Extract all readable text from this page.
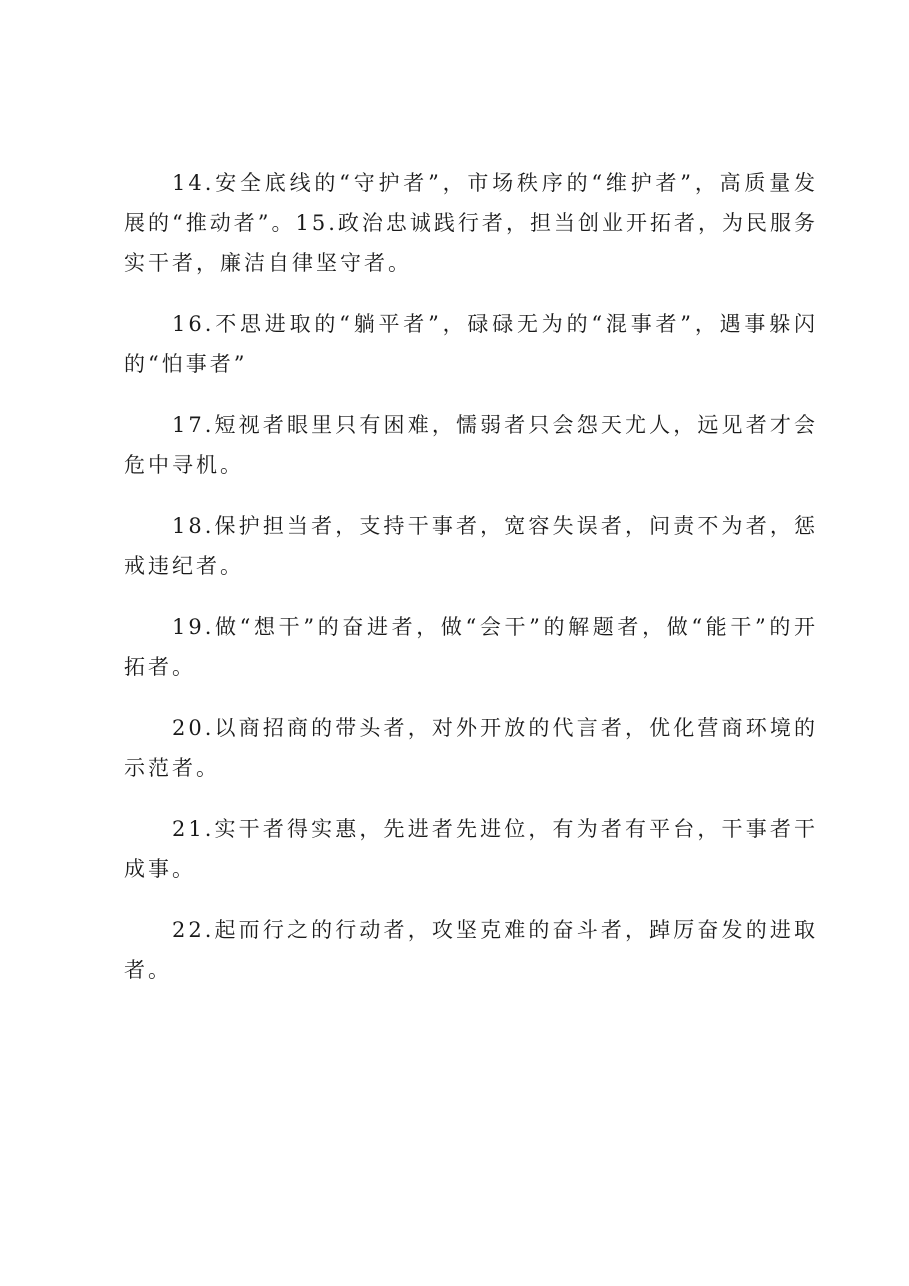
14.安全底线的“守护者”，市场秩序的“维护者”，高质量发展的“推动者”。15.政治忠诚践行者，担当创业开拓者，为民服务实干者，廉洁自律坚守者。

16.不思进取的“躺平者”，碌碌无为的“混事者”，遇事躲闪的“怕事者”

17.短视者眼里只有困难，懦弱者只会怨天尤人，远见者才会危中寻机。

18.保护担当者，支持干事者，宽容失误者，问责不为者，惩戒违纪者。

19.做“想干”的奋进者，做“会干”的解题者，做“能干”的开拓者。

20.以商招商的带头者，对外开放的代言者，优化营商环境的示范者。

21.实干者得实惠，先进者先进位，有为者有平台，干事者干成事。

22.起而行之的行动者，攻坚克难的奋斗者，踔厉奋发的进取者。
